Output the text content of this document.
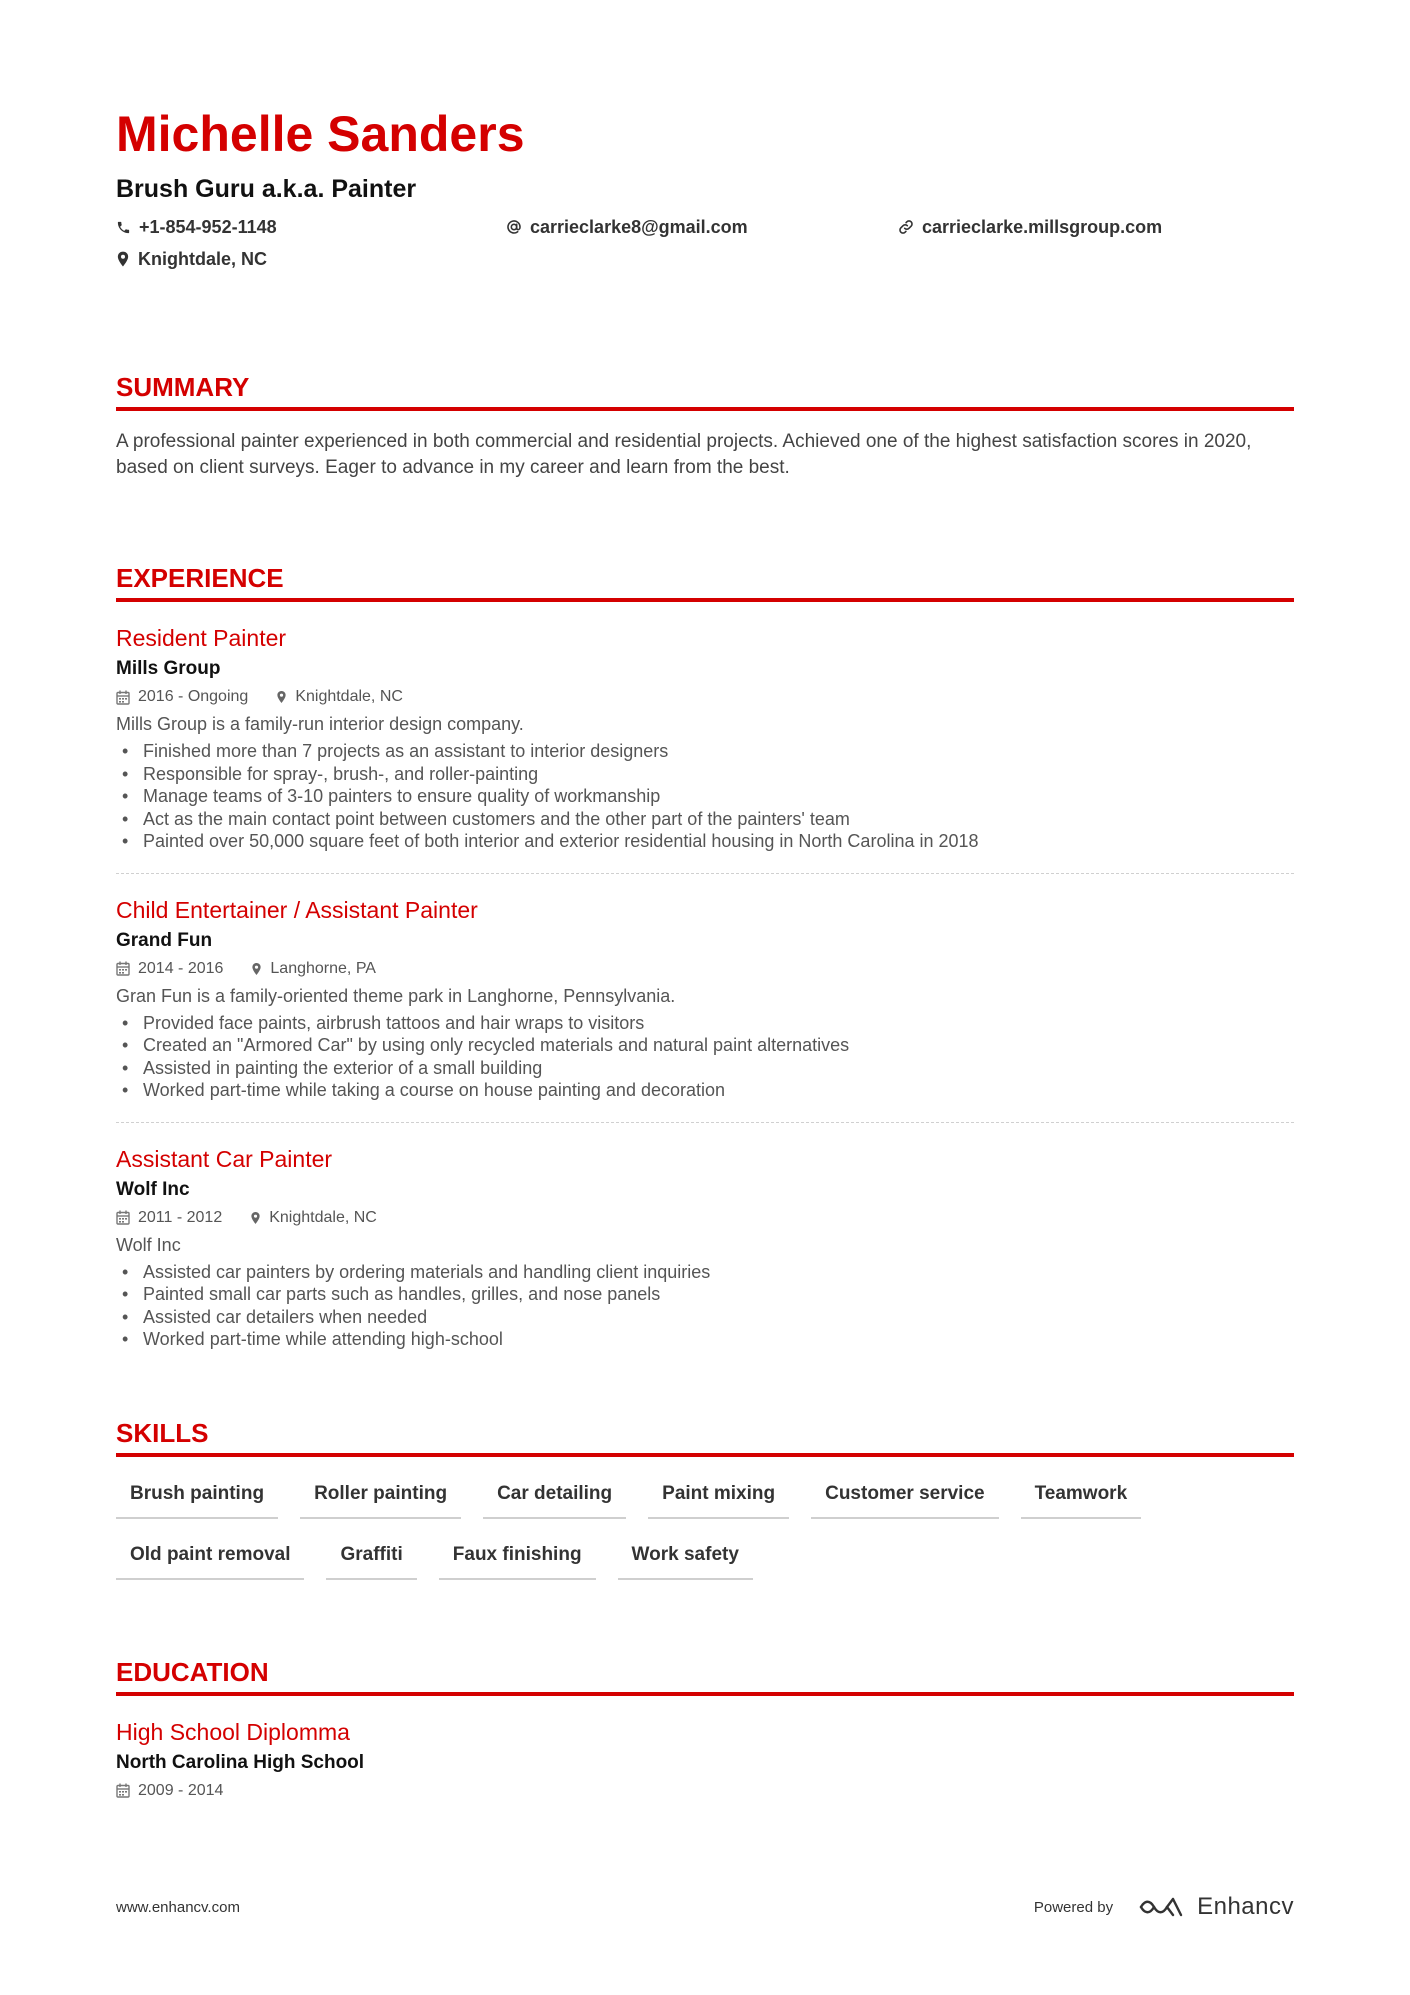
Michelle Sanders
Brush Guru a.k.a. Painter
+1-854-952-1148	carrieclarke8@gmail.com	carrieclarke.millsgroup.com
Knightdale, NC
SUMMARY
A professional painter experienced in both commercial and residential projects. Achieved one of the highest satisfaction scores in 2020, based on client surveys. Eager to advance in my career and learn from the best.
EXPERIENCE
Resident Painter
Mills Group
2016 - Ongoing	Knightdale, NC
Mills Group is a family-run interior design company.
• Finished more than 7 projects as an assistant to interior designers
• Responsible for spray-, brush-, and roller-painting
• Manage teams of 3-10 painters to ensure quality of workmanship
• Act as the main contact point between customers and the other part of the painters' team
• Painted over 50,000 square feet of both interior and exterior residential housing in North Carolina in 2018
Child Entertainer / Assistant Painter
Grand Fun
2014 - 2016	Langhorne, PA
Gran Fun is a family-oriented theme park in Langhorne, Pennsylvania.
• Provided face paints, airbrush tattoos and hair wraps to visitors
• Created an "Armored Car" by using only recycled materials and natural paint alternatives
• Assisted in painting the exterior of a small building
• Worked part-time while taking a course on house painting and decoration
Assistant Car Painter
Wolf Inc
2011 - 2012	Knightdale, NC
Wolf Inc
• Assisted car painters by ordering materials and handling client inquiries
• Painted small car parts such as handles, grilles, and nose panels
• Assisted car detailers when needed
• Worked part-time while attending high-school
SKILLS
Brush painting	Roller painting	Car detailing	Paint mixing	Customer service	Teamwork
Old paint removal	Graffiti	Faux finishing	Work safety
EDUCATION
High School Diplomma
North Carolina High School
2009 - 2014
www.enhancv.com	Powered by	Enhancv
